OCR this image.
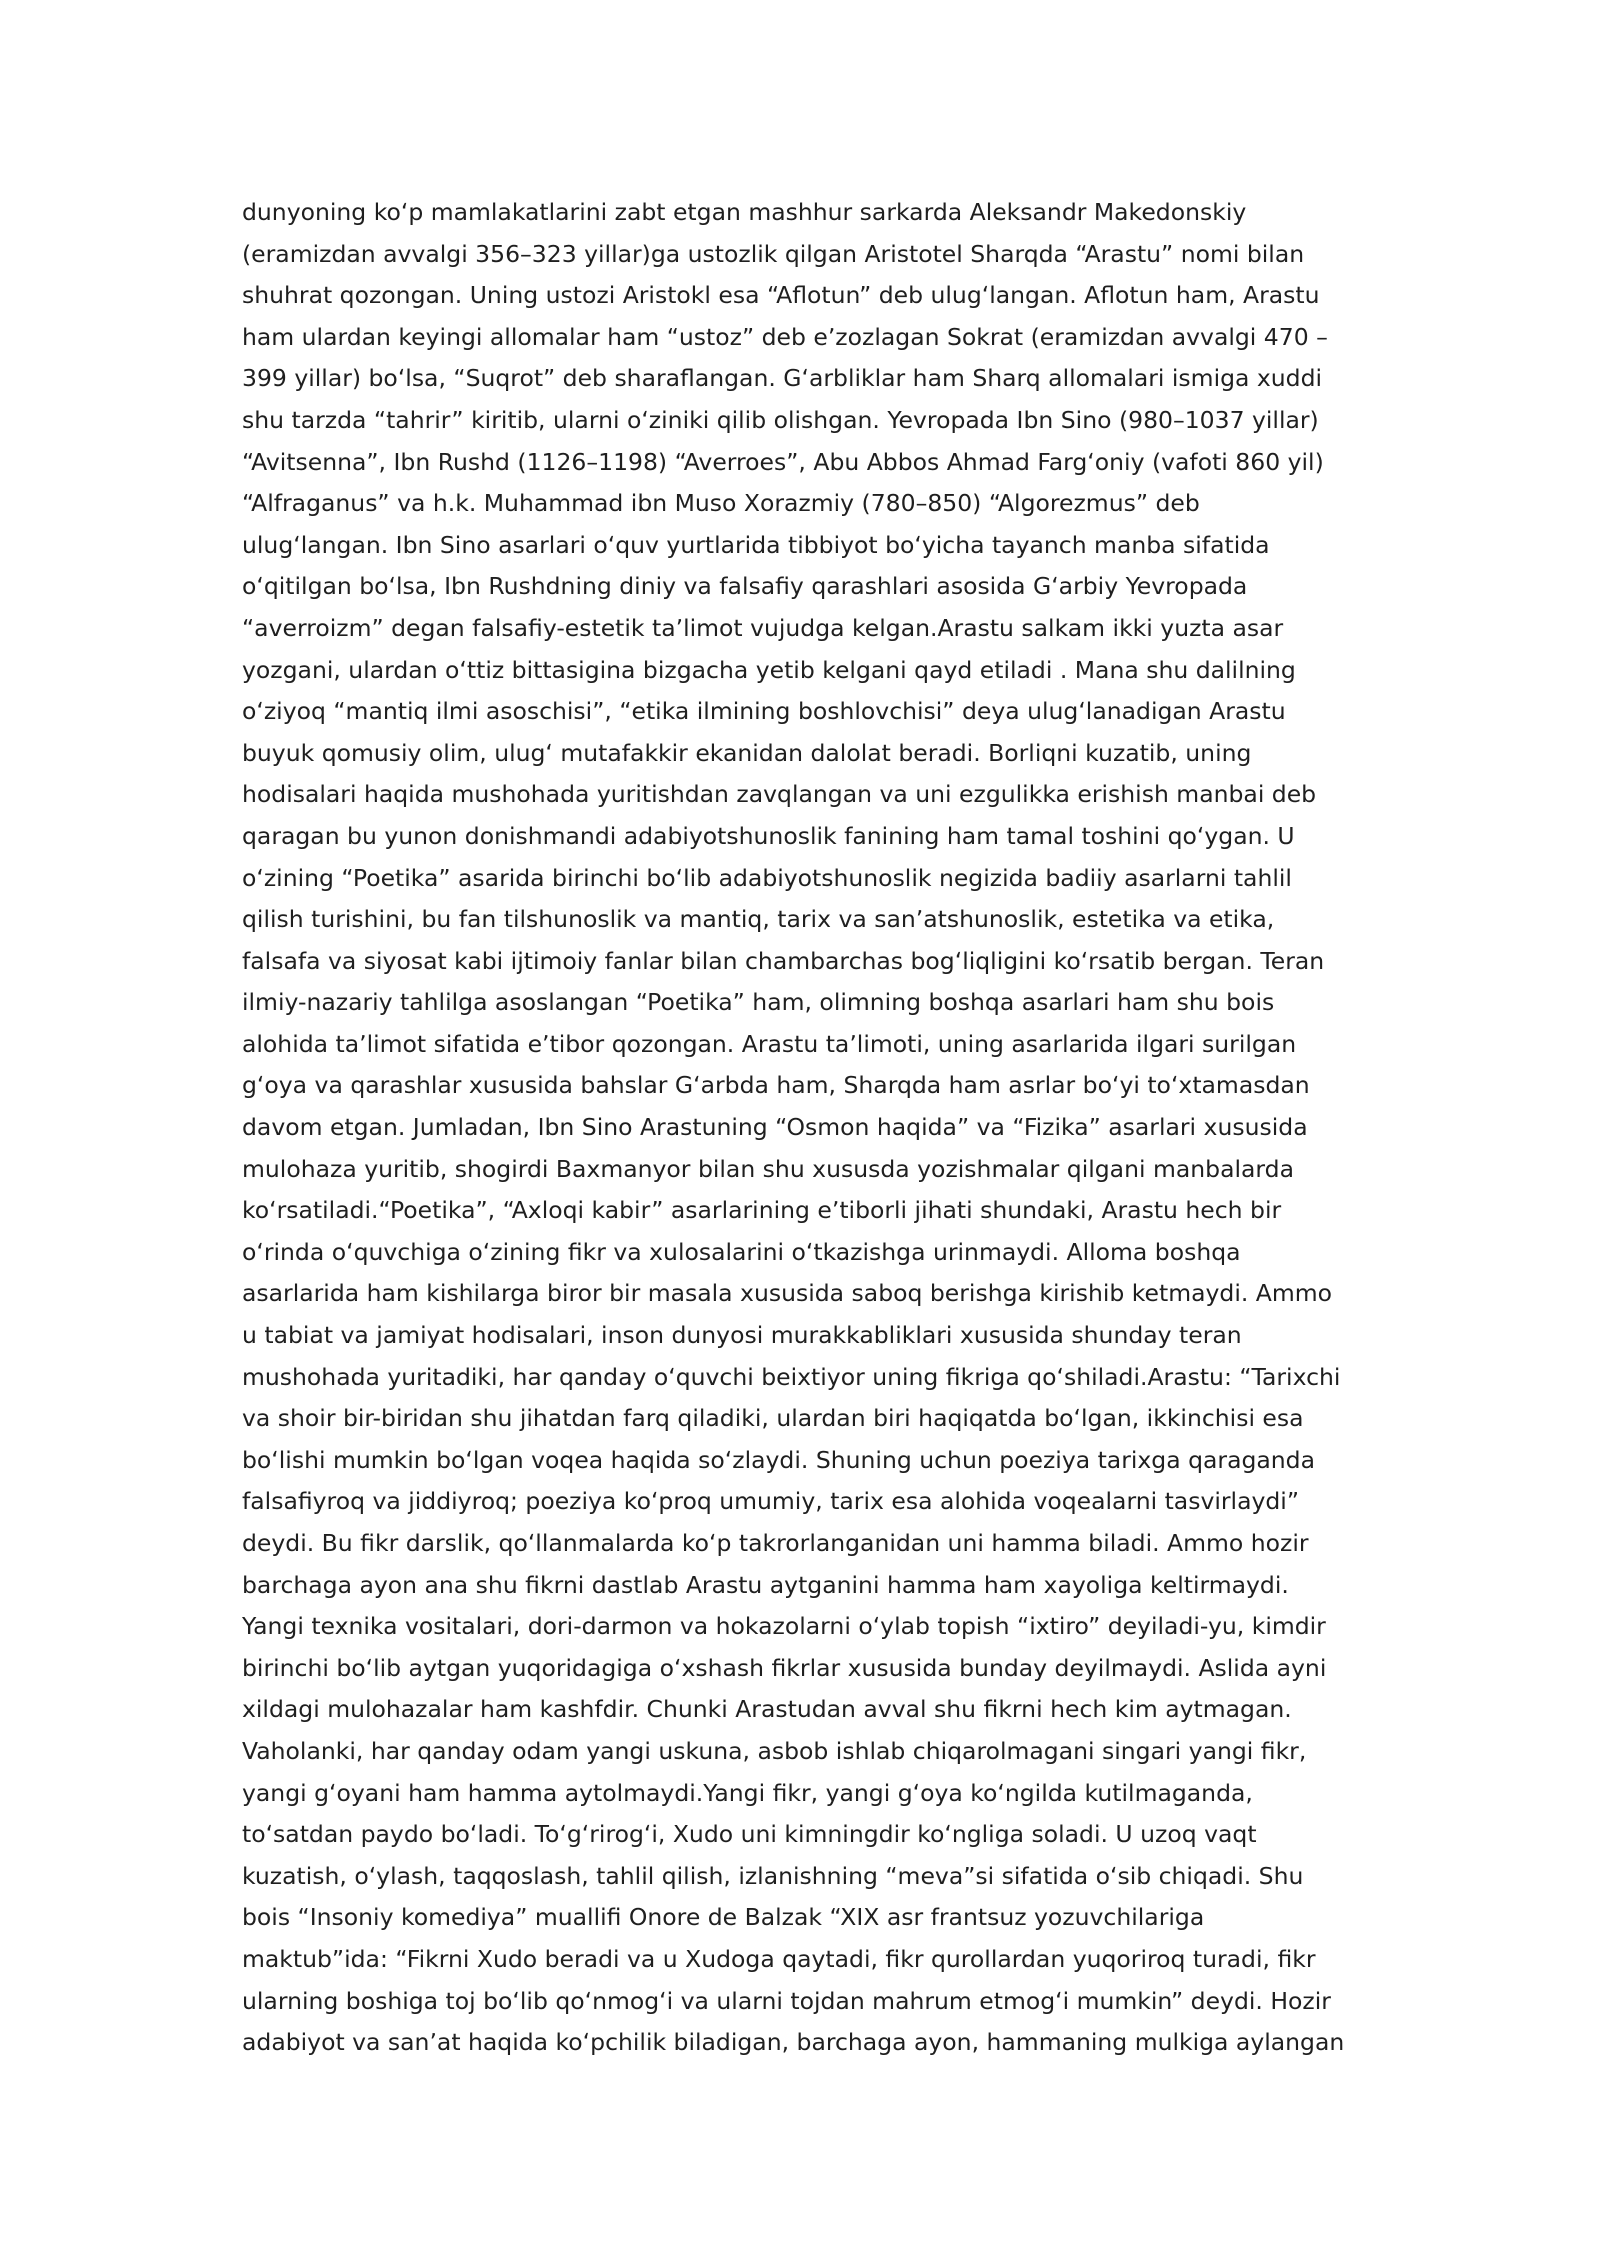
dunyoning koʻp mamlakatlarini zabt etgan mashhur sarkarda Aleksandr Makedonskiy
(eramizdan avvalgi 356–323 yillar)ga ustozlik qilgan Aristotel Sharqda “Arastu” nomi bilan
shuhrat qozongan. Uning ustozi Aristokl esa “Aflotun” deb ulugʻlangan. Aflotun ham, Arastu
ham ulardan keyingi allomalar ham “ustoz” deb eʼzozlagan Sokrat (eramizdan avvalgi 470 –
399 yillar) boʻlsa, “Suqrot” deb sharaflangan. Gʻarbliklar ham Sharq allomalari ismiga xuddi
shu tarzda “tahrir” kiritib, ularni oʻziniki qilib olishgan. Yevropada Ibn Sino (980–1037 yillar)
“Avitsenna”, Ibn Rushd (1126–1198) “Averroes”, Abu Abbos Ahmad Fargʻoniy (vafoti 860 yil)
“Alfraganus” va h.k. Muhammad ibn Muso Xorazmiy (780–850) “Algorezmus” deb
ulugʻlangan. Ibn Sino asarlari oʻquv yurtlarida tibbiyot boʻyicha tayanch manba sifatida
oʻqitilgan boʻlsa, Ibn Rushdning diniy va falsafiy qarashlari asosida Gʻarbiy Yevropada
“averroizm” degan falsafiy-estetik taʼlimot vujudga kelgan.Arastu salkam ikki yuzta asar
yozgani, ulardan oʻttiz bittasigina bizgacha yetib kelgani qayd etiladi . Mana shu dalilning
oʻziyoq “mantiq ilmi asoschisi”, “etika ilmining boshlovchisi” deya ulugʻlanadigan Arastu
buyuk qomusiy olim, ulugʻ mutafakkir ekanidan dalolat beradi. Borliqni kuzatib, uning
hodisalari haqida mushohada yuritishdan zavqlangan va uni ezgulikka erishish manbai deb
qaragan bu yunon donishmandi adabiyotshunoslik fanining ham tamal toshini qoʻygan. U
oʻzining “Poetika” asarida birinchi boʻlib adabiyotshunoslik negizida badiiy asarlarni tahlil
qilish turishini, bu fan tilshunoslik va mantiq, tarix va sanʼatshunoslik, estetika va etika,
falsafa va siyosat kabi ijtimoiy fanlar bilan chambarchas bogʻliqligini koʻrsatib bergan. Teran
ilmiy-nazariy tahlilga asoslangan “Poetika” ham, olimning boshqa asarlari ham shu bois
alohida taʼlimot sifatida eʼtibor qozongan. Arastu taʼlimoti, uning asarlarida ilgari surilgan
gʻoya va qarashlar xususida bahslar Gʻarbda ham, Sharqda ham asrlar boʻyi toʻxtamasdan
davom etgan. Jumladan, Ibn Sino Arastuning “Osmon haqida” va “Fizika” asarlari xususida
mulohaza yuritib, shogirdi Baxmanyor bilan shu xususda yozishmalar qilgani manbalarda
koʻrsatiladi.“Poetika”, “Axloqi kabir” asarlarining eʼtiborli jihati shundaki, Arastu hech bir
oʻrinda oʻquvchiga oʻzining fikr va xulosalarini oʻtkazishga urinmaydi. Alloma boshqa
asarlarida ham kishilarga biror bir masala xususida saboq berishga kirishib ketmaydi. Ammo
u tabiat va jamiyat hodisalari, inson dunyosi murakkabliklari xususida shunday teran
mushohada yuritadiki, har qanday oʻquvchi beixtiyor uning fikriga qoʻshiladi.Arastu: “Tarixchi
va shoir bir-biridan shu jihatdan farq qiladiki, ulardan biri haqiqatda boʻlgan, ikkinchisi esa
boʻlishi mumkin boʻlgan voqea haqida soʻzlaydi. Shuning uchun poeziya tarixga qaraganda
falsafiyroq va jiddiyroq; poeziya koʻproq umumiy, tarix esa alohida voqealarni tasvirlaydi”
deydi. Bu fikr darslik, qoʻllanmalarda koʻp takrorlanganidan uni hamma biladi. Ammo hozir
barchaga ayon ana shu fikrni dastlab Arastu aytganini hamma ham xayoliga keltirmaydi.
Yangi texnika vositalari, dori-darmon va hokazolarni oʻylab topish “ixtiro” deyiladi-yu, kimdir
birinchi boʻlib aytgan yuqoridagiga oʻxshash fikrlar xususida bunday deyilmaydi. Aslida ayni
xildagi mulohazalar ham kashfdir. Chunki Arastudan avval shu fikrni hech kim aytmagan.
Vaholanki, har qanday odam yangi uskuna, asbob ishlab chiqarolmagani singari yangi fikr,
yangi gʻoyani ham hamma aytolmaydi.Yangi fikr, yangi gʻoya koʻngilda kutilmaganda,
toʻsatdan paydo boʻladi. Toʻgʻrirogʻi, Xudo uni kimningdir koʻngliga soladi. U uzoq vaqt
kuzatish, oʻylash, taqqoslash, tahlil qilish, izlanishning “meva”si sifatida oʻsib chiqadi. Shu
bois “Insoniy komediya” muallifi Onore de Balzak “XIX asr frantsuz yozuvchilariga
maktub”ida: “Fikrni Xudo beradi va u Xudoga qaytadi, fikr qurollardan yuqoriroq turadi, fikr
ularning boshiga toj boʻlib qoʻnmogʻi va ularni tojdan mahrum etmogʻi mumkin” deydi. Hozir
adabiyot va sanʼat haqida koʻpchilik biladigan, barchaga ayon, hammaning mulkiga aylangan
